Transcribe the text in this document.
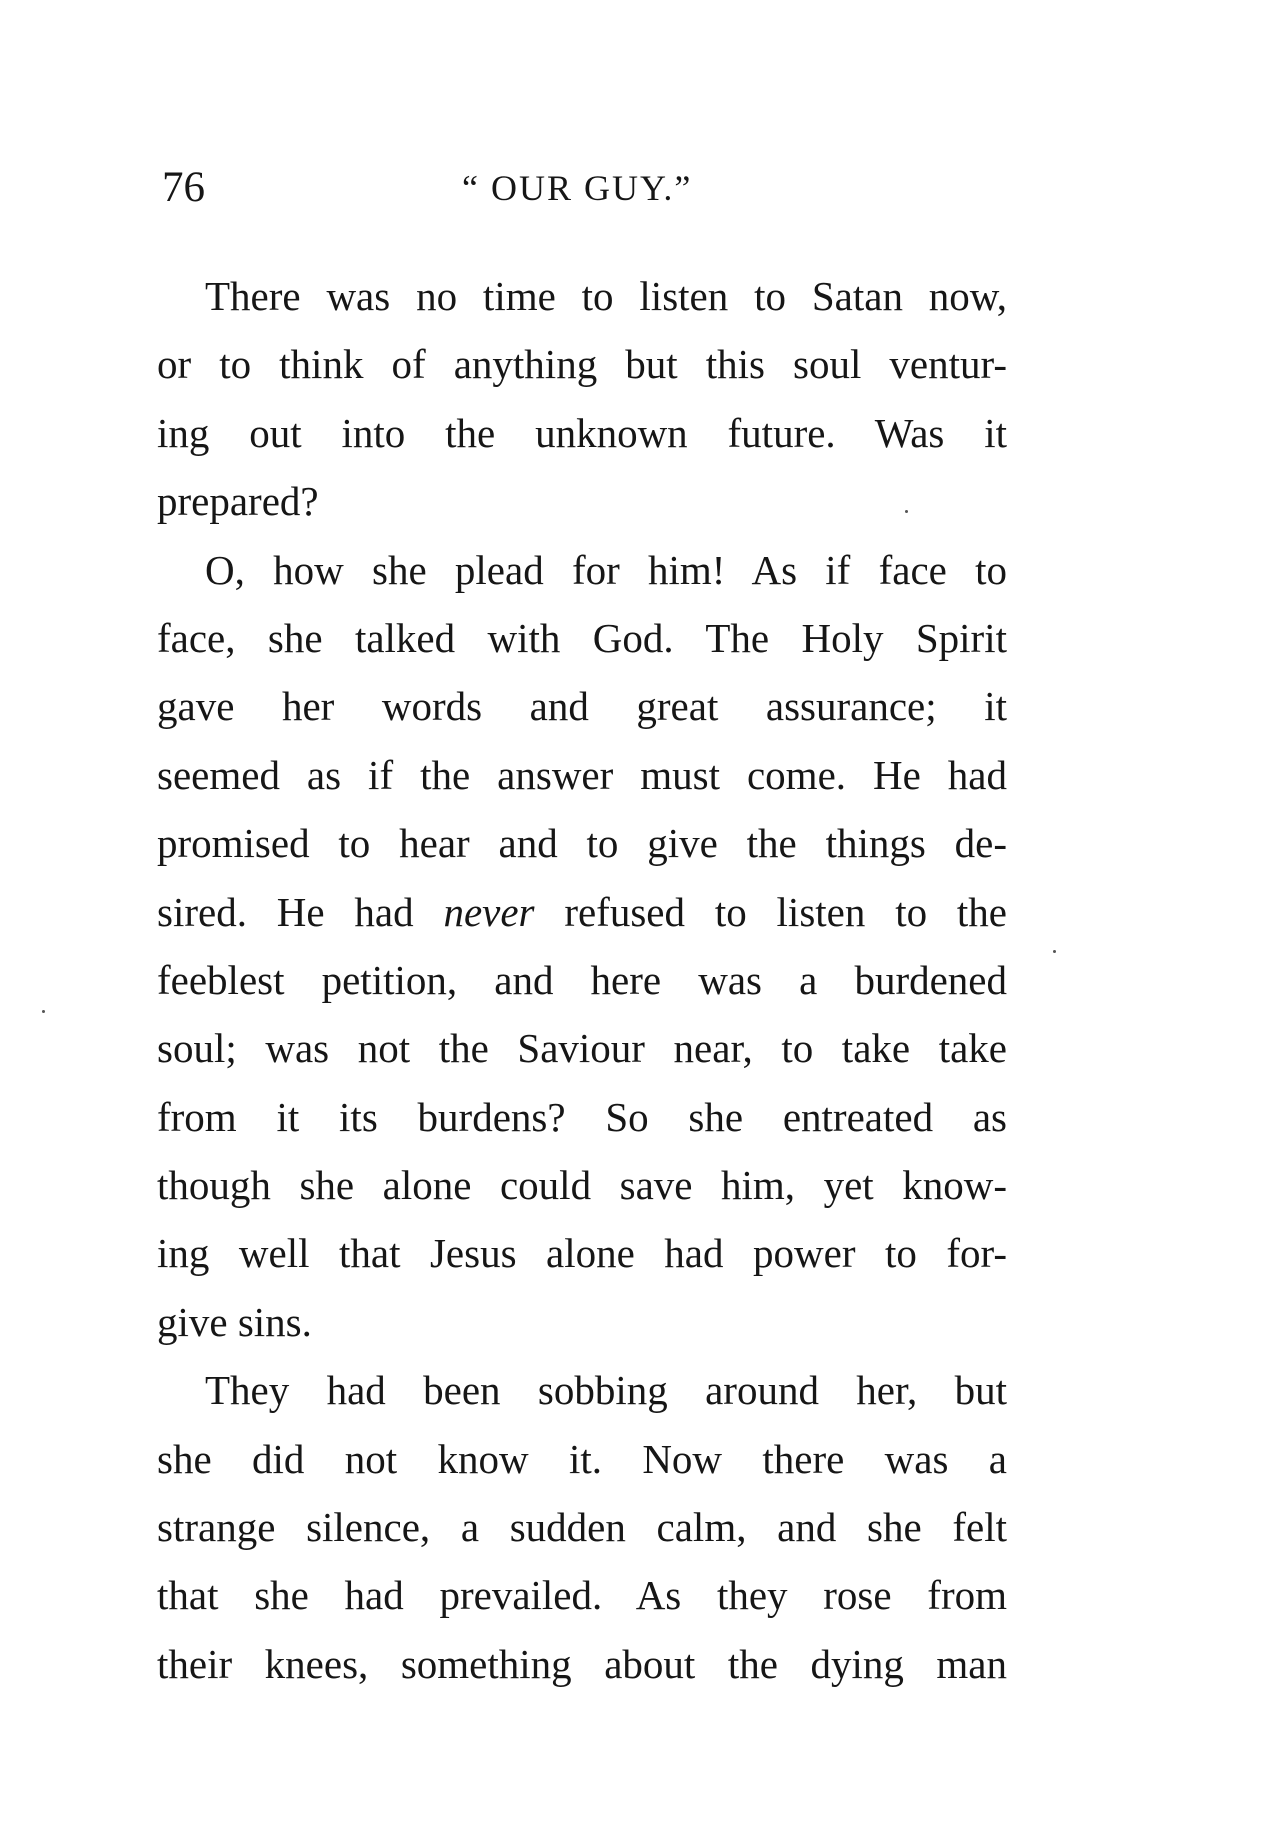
76	“ OUR GUY.”
There was no time to listen to Satan now,
or to think of anything but this soul ventur-
ing out into the unknown future. Was it
prepared?
O, how she plead for him! As if face to
face, she talked with God. The Holy Spirit
gave her words and great assurance; it
seemed as if the answer must come. He had
promised to hear and to give the things de-
sired. He had never refused to listen to the
feeblest petition, and here was a burdened
soul; was not the Saviour near, to take take
from it its burdens? So she entreated as
though she alone could save him, yet know-
ing well that Jesus alone had power to for-
give sins.
They had been sobbing around her, but
she did not know it. Now there was a
strange silence, a sudden calm, and she felt
that she had prevailed. As they rose from
their knees, something about the dying man
